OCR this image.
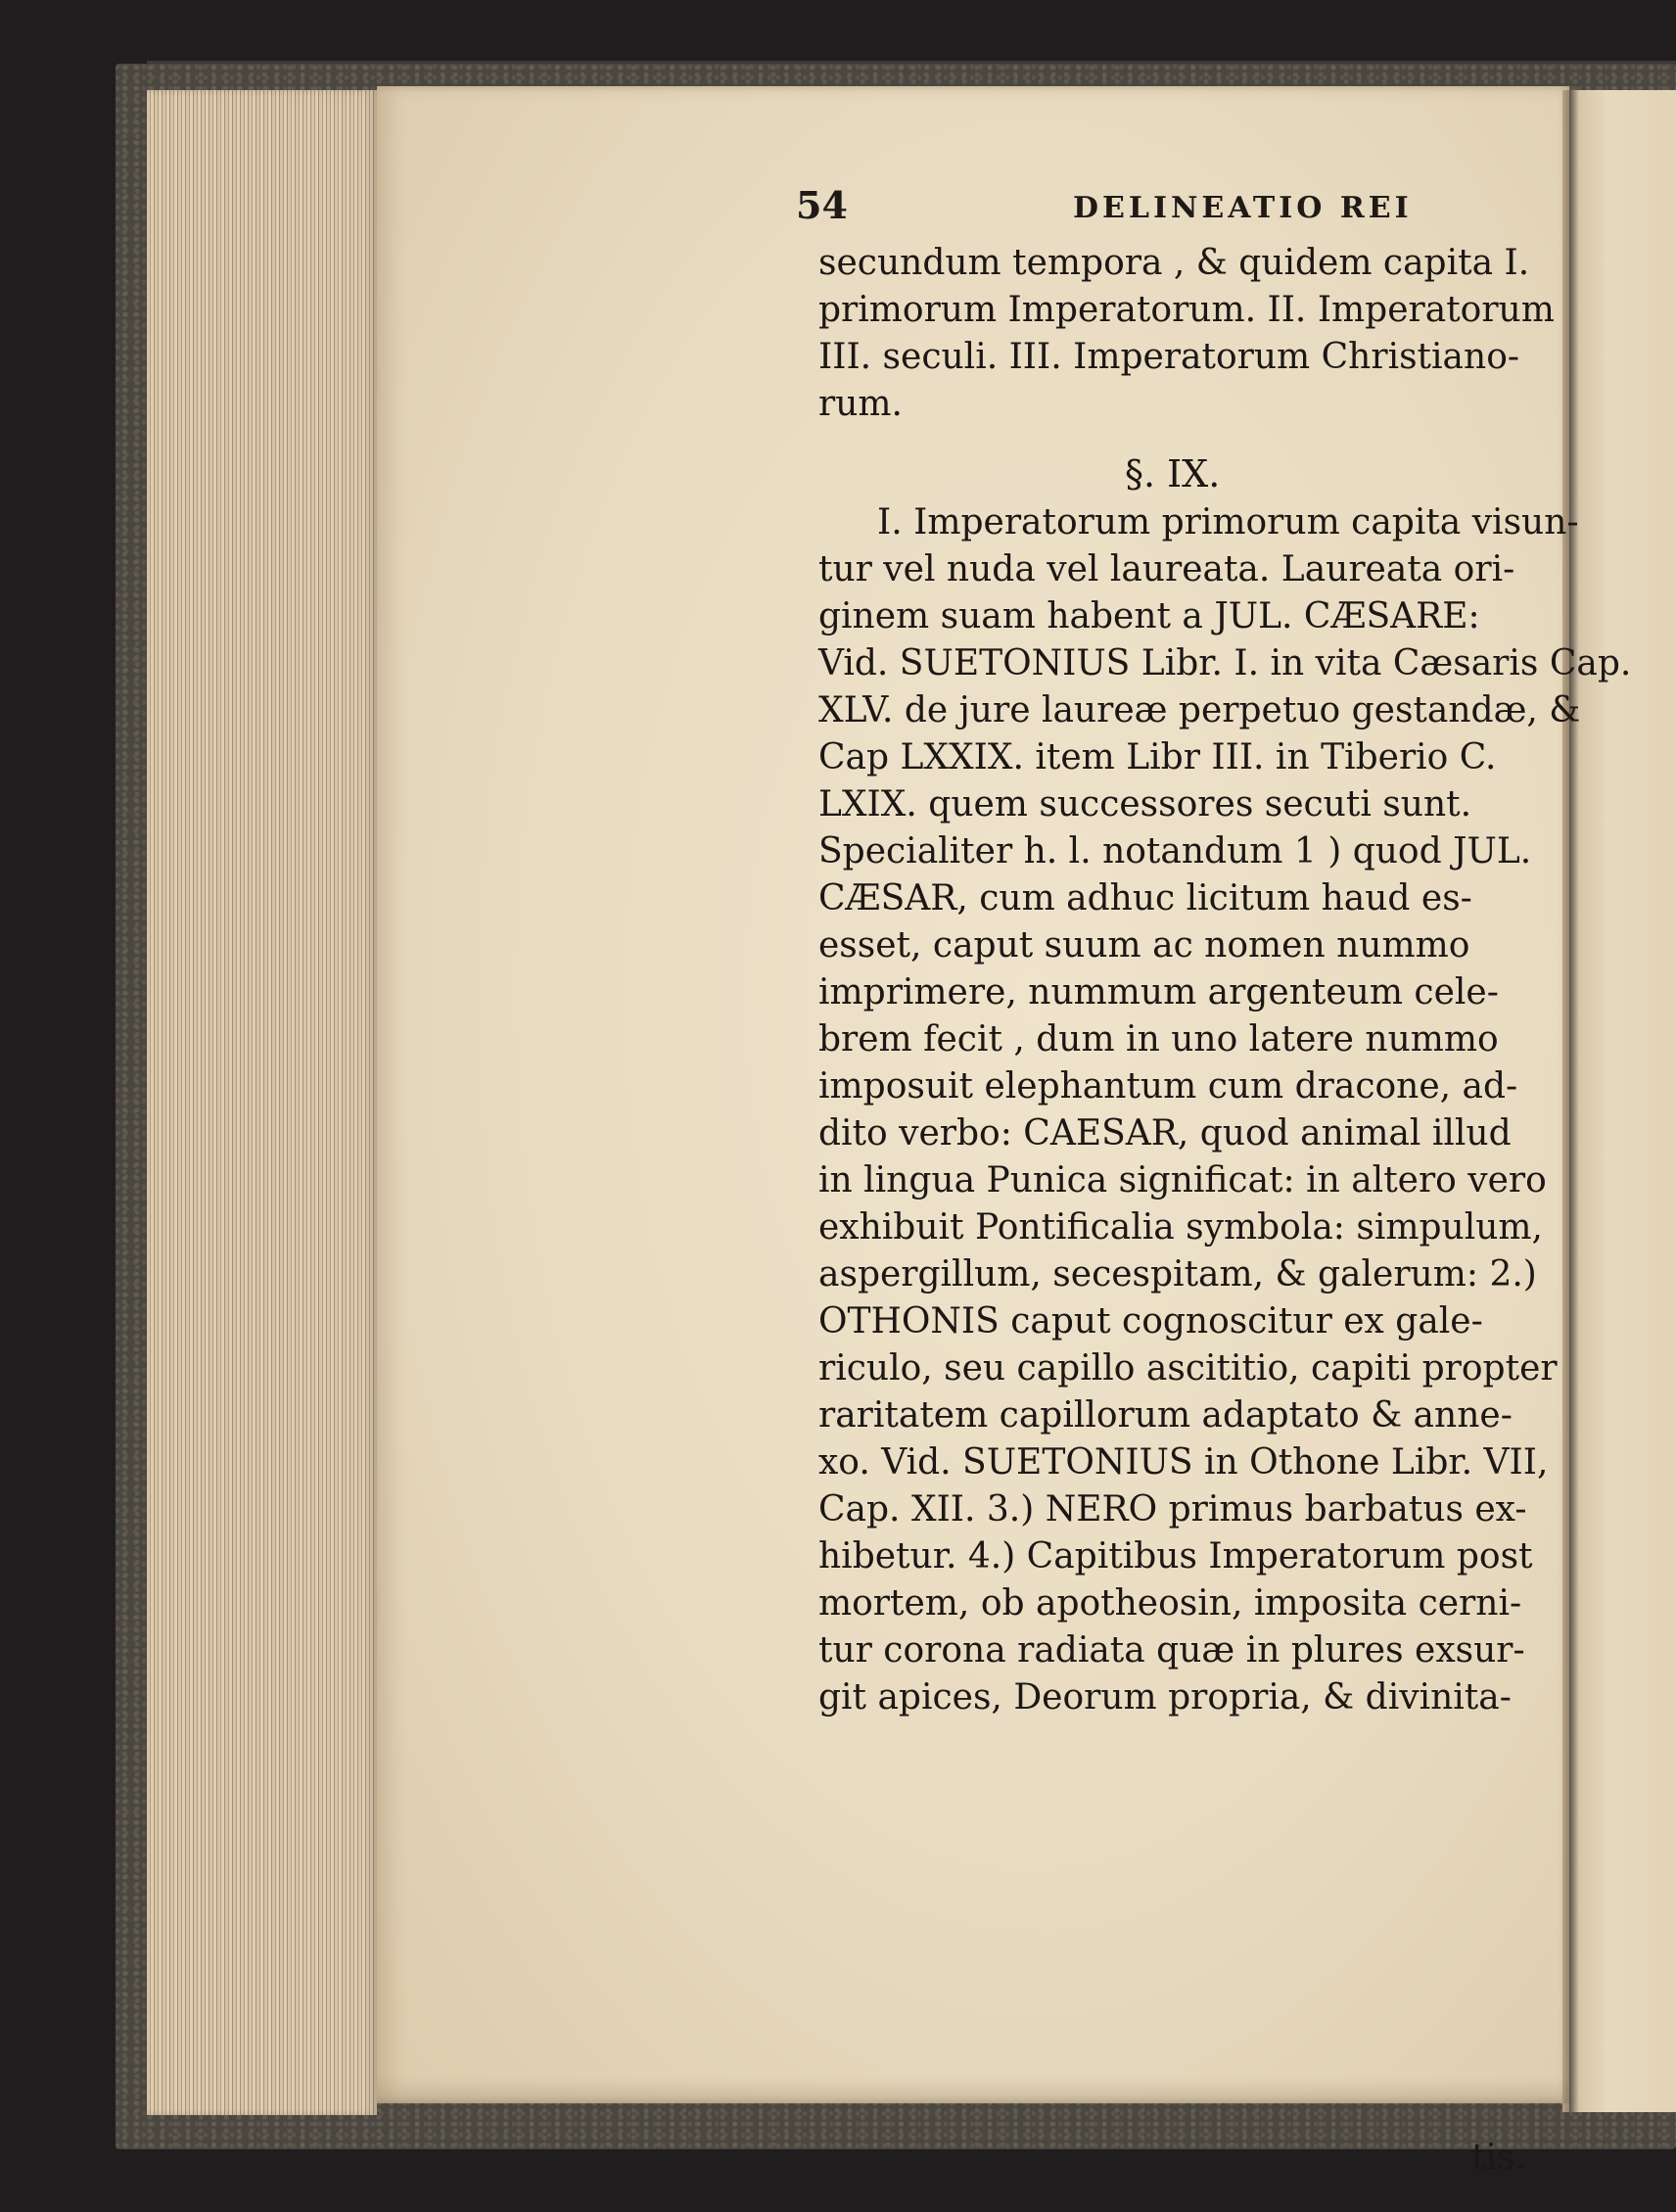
54	DELINEATIO REI
secundum tempora , & quidem capita I.
primorum Imperatorum. II. Imperatorum
III. seculi. III. Imperatorum Christiano-
rum.
§. IX.
I. Imperatorum primorum capita visun-
tur vel nuda vel laureata. Laureata ori-
ginem suam habent a JUL. CÆSARE:
Vid. SUETONIUS Libr. I. in vita Cæsaris Cap.
XLV. de jure laureæ perpetuo gestandæ, &
Cap LXXIX. item Libr III. in Tiberio C.
LXIX. quem successores secuti sunt.
Specialiter h. l. notandum 1 ) quod JUL.
CÆSAR, cum adhuc licitum haud es-
esset, caput suum ac nomen nummo
imprimere, nummum argenteum cele-
brem fecit , dum in uno latere nummo
imposuit elephantum cum dracone, ad-
dito verbo: CAESAR, quod animal illud
in lingua Punica significat: in altero vero
exhibuit Pontificalia symbola: simpulum,
aspergillum, secespitam, & galerum: 2.)
OTHONIS caput cognoscitur ex gale-
riculo, seu capillo ascititio, capiti propter
raritatem capillorum adaptato & anne-
xo. Vid. SUETONIUS in Othone Libr. VII,
Cap. XII. 3.) NERO primus barbatus ex-
hibetur. 4.) Capitibus Imperatorum post
mortem, ob apotheosin, imposita cerni-
tur corona radiata quæ in plures exsur-
git apices, Deorum propria, & divinita-
tis.
